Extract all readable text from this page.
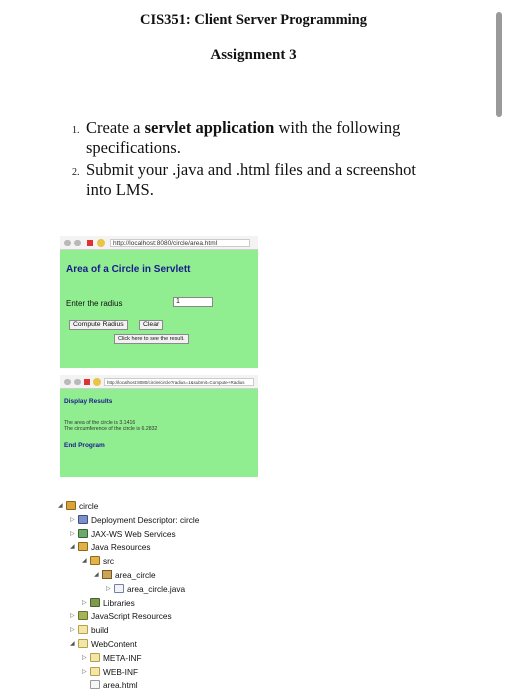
CIS351: Client Server Programming
Assignment 3
1. Create a servlet application with the following
specifications.
2. Submit your .java and .html files and a screenshot
into LMS.
http://localhost:8080/circle/area.html
Area of a Circle in Servlett
Enter the radius	1
Compute Radius	Clear
Click here to see the result.
http://localhost:8080/circle/circle?radius=1&submit=Compute+Radius
Display Results
The area of the circle is 3.1416
The circumference of the circle is 6.2832
End Program
◢ circle
▷ Deployment Descriptor: circle
▷ JAX-WS Web Services
◢ Java Resources
◢ src
◢ area_circle
▷ area_circle.java
▷ Libraries
▷ JavaScript Resources
▷ build
◢ WebContent
▷ META-INF
▷ WEB-INF
area.html
